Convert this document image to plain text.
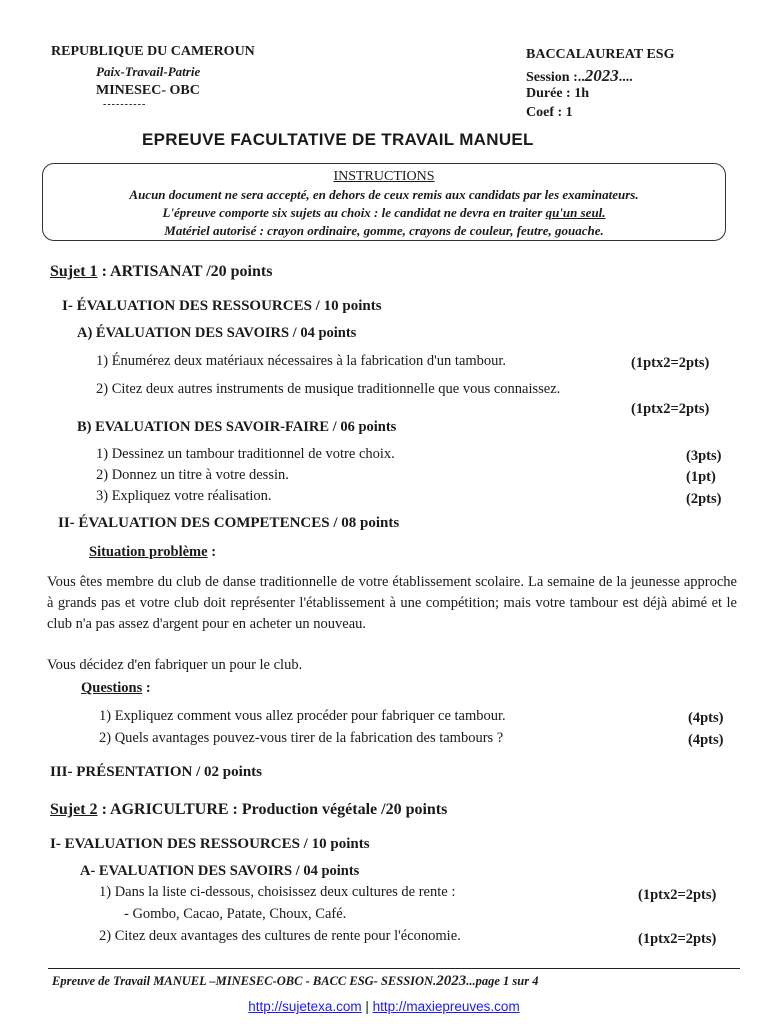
REPUBLIQUE DU CAMEROUN
Paix-Travail-Patrie
MINESEC- OBC
----------
BACCALAUREAT ESG
Session :..2023....
Durée : 1h
Coef : 1
EPREUVE FACULTATIVE DE TRAVAIL MANUEL
INSTRUCTIONS
Aucun document ne sera accepté, en dehors de ceux remis aux candidats par les examinateurs.
L'épreuve comporte six sujets au choix : le candidat ne devra en traiter qu'un seul.
Matériel autorisé : crayon ordinaire, gomme, crayons de couleur, feutre, gouache.
Sujet 1 : ARTISANAT /20 points
I- ÉVALUATION DES RESSOURCES / 10 points
A) ÉVALUATION DES SAVOIRS / 04 points
1) Énumérez deux matériaux nécessaires à la fabrication d'un tambour.	(1ptx2=2pts)
2) Citez deux autres instruments de musique traditionnelle que vous connaissez.
(1ptx2=2pts)
B) EVALUATION DES SAVOIR-FAIRE / 06 points
1) Dessinez un tambour traditionnel de votre choix.	(3pts)
2) Donnez un titre à votre dessin.	(1pt)
3) Expliquez votre réalisation.	(2pts)
II- ÉVALUATION DES COMPETENCES / 08 points
Situation problème :
Vous êtes membre du club de danse traditionnelle de votre établissement scolaire. La semaine de la jeunesse approche à grands pas et votre club doit représenter l'établissement à une compétition; mais votre tambour est déjà abimé et le club n'a pas assez d'argent pour en acheter un nouveau.
Vous décidez d'en fabriquer un pour le club.
Questions :
1) Expliquez comment vous allez procéder pour fabriquer ce tambour.	(4pts)
2) Quels avantages pouvez-vous tirer de la fabrication des tambours ?	(4pts)
III- PRÉSENTATION / 02 points
Sujet 2 : AGRICULTURE : Production végétale /20 points
I- EVALUATION DES RESSOURCES / 10 points
A- EVALUATION DES SAVOIRS / 04 points
1) Dans la liste ci-dessous, choisissez deux cultures de rente :	(1ptx2=2pts)
- Gombo, Cacao, Patate, Choux, Café.
2) Citez deux avantages des cultures de rente pour l'économie.	(1ptx2=2pts)
Epreuve de Travail MANUEL –MINESEC-OBC - BACC ESG- SESSION.2023...page 1 sur 4
http://sujetexa.com | http://maxiepreuves.com
